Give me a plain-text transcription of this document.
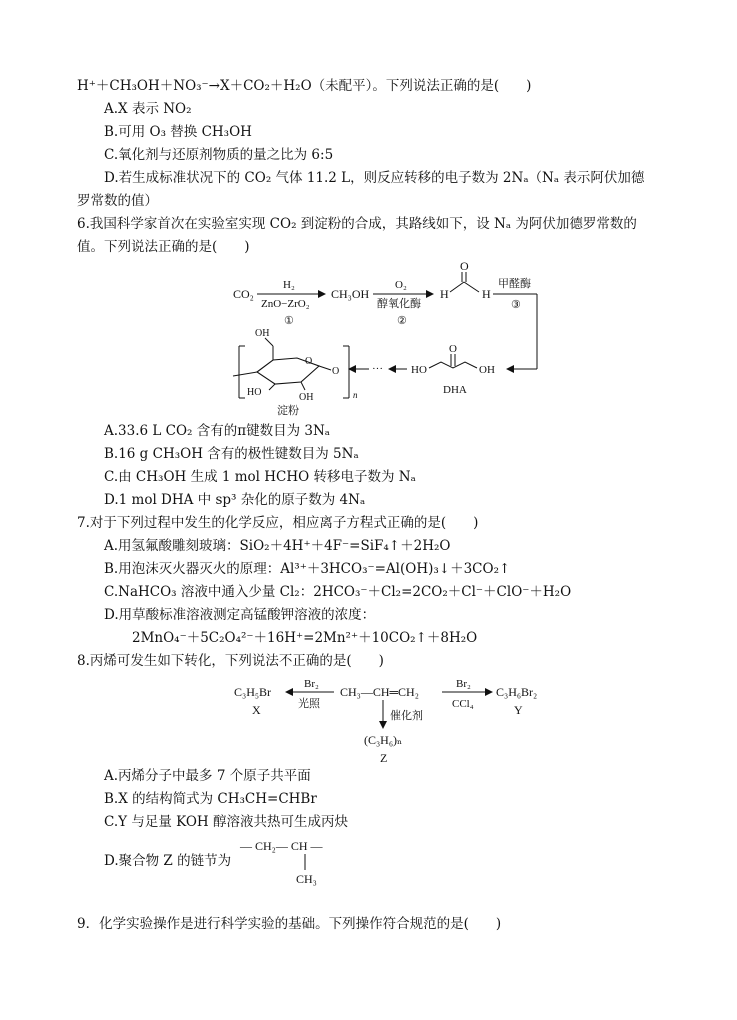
H⁺＋CH₃OH＋NO₃⁻→X＋CO₂＋H₂O（未配平）。下列说法正确的是(　　)
A.X 表示 NO₂
B.可用 O₃ 替换 CH₃OH
C.氧化剂与还原剂物质的量之比为 6:5
D.若生成标准状况下的 CO₂ 气体 11.2 L，则反应转移的电子数为 2Nₐ（Nₐ 表示阿伏加德
罗常数的值）
6.我国科学家首次在实验室实现 CO₂ 到淀粉的合成，其路线如下，设 Nₐ 为阿伏加德罗常数的
值。下列说法正确的是(　　)
CO₂
H₂
ZnO−ZrO₂
①
CH₃OH
O₂
醇氧化酶
②
H	H
O
甲醛酶
③
HO
O
OH
DHA
···
n
O
OH
HO	OH
O
淀粉
A.33.6 L CO₂ 含有的π键数目为 3Nₐ
B.16 g CH₃OH 含有的极性键数目为 5Nₐ
C.由 CH₃OH 生成 1 mol HCHO 转移电子数为 Nₐ
D.1 mol DHA 中 sp³ 杂化的原子数为 4Nₐ
7.对于下列过程中发生的化学反应，相应离子方程式正确的是(　　)
A.用氢氟酸雕刻玻璃：SiO₂＋4H⁺＋4F⁻=SiF₄↑＋2H₂O
B.用泡沫灭火器灭火的原理：Al³⁺＋3HCO₃⁻=Al(OH)₃↓＋3CO₂↑
C.NaHCO₃ 溶液中通入少量 Cl₂：2HCO₃⁻＋Cl₂=2CO₂＋Cl⁻＋ClO⁻＋H₂O
D.用草酸标准溶液测定高锰酸钾溶液的浓度：
2MnO₄⁻＋5C₂O₄²⁻＋16H⁺=2Mn²⁺＋10CO₂↑＋8H₂O
8.丙烯可发生如下转化，下列说法不正确的是(　　)
C₃H₅Br
X
Br₂
光照
CH₃—CH═CH₂
Br₂
CCl₄
C₃H₆Br₂
Y
催化剂
(C₃H₆)ₙ
Z
A.丙烯分子中最多 7 个原子共平面
B.X 的结构简式为 CH₃CH=CHBr
C.Y 与足量 KOH 醇溶液共热可生成丙炔
D.聚合物 Z 的链节为
— CH₂— CH —
CH₃
9．化学实验操作是进行科学实验的基础。下列操作符合规范的是(　　)
